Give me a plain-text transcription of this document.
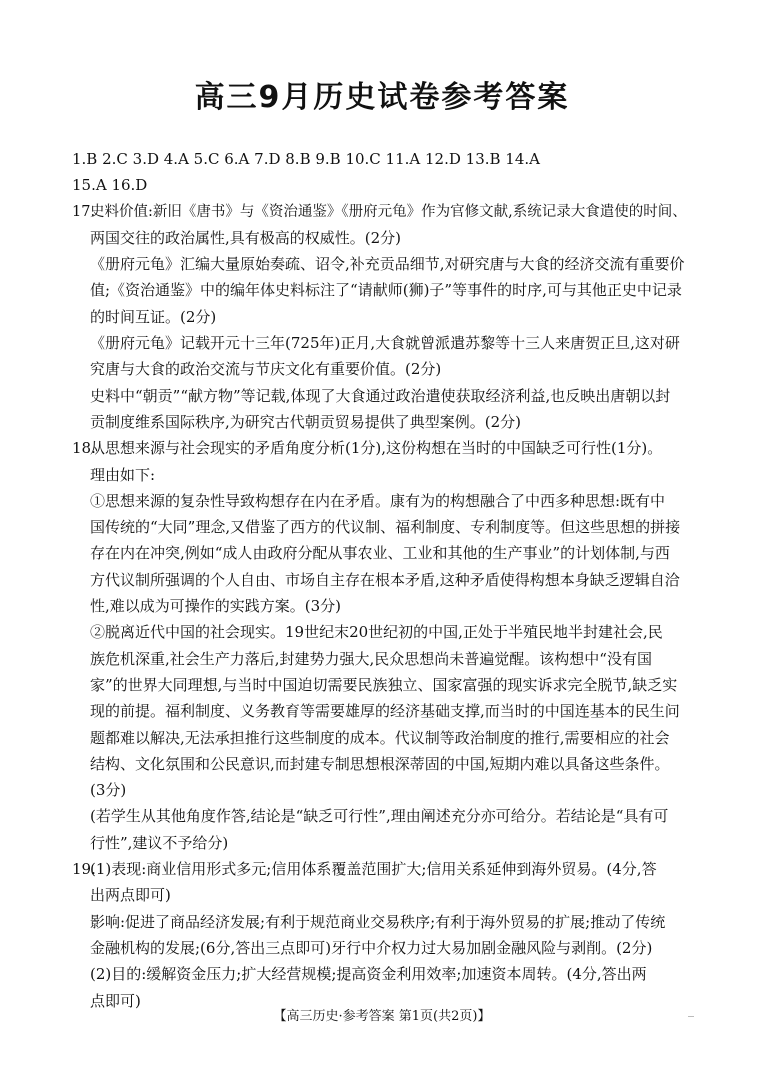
高三9月历史试卷参考答案
1.B 2.C 3.D 4.A 5.C 6.A 7.D 8.B 9.B 10.C 11.A 12.D 13.B 14.A
15.A 16.D
17.史料价值:新旧《唐书》与《资治通鉴》《册府元龟》作为官修文献,系统记录大食遣使的时间、
两国交往的政治属性,具有极高的权威性。(2分)
《册府元龟》汇编大量原始奏疏、诏令,补充贡品细节,对研究唐与大食的经济交流有重要价
值;《资治通鉴》中的编年体史料标注了“请献师(狮)子”等事件的时序,可与其他正史中记录
的时间互证。(2分)
《册府元龟》记载开元十三年(725年)正月,大食就曾派遣苏黎等十三人来唐贺正旦,这对研
究唐与大食的政治交流与节庆文化有重要价值。(2分)
史料中“朝贡”“献方物”等记载,体现了大食通过政治遣使获取经济利益,也反映出唐朝以封
贡制度维系国际秩序,为研究古代朝贡贸易提供了典型案例。(2分)
18.从思想来源与社会现实的矛盾角度分析(1分),这份构想在当时的中国缺乏可行性(1分)。
理由如下:
①思想来源的复杂性导致构想存在内在矛盾。康有为的构想融合了中西多种思想:既有中
国传统的“大同”理念,又借鉴了西方的代议制、福利制度、专利制度等。但这些思想的拼接
存在内在冲突,例如“成人由政府分配从事农业、工业和其他的生产事业”的计划体制,与西
方代议制所强调的个人自由、市场自主存在根本矛盾,这种矛盾使得构想本身缺乏逻辑自洽
性,难以成为可操作的实践方案。(3分)
②脱离近代中国的社会现实。19世纪末20世纪初的中国,正处于半殖民地半封建社会,民
族危机深重,社会生产力落后,封建势力强大,民众思想尚未普遍觉醒。该构想中“没有国
家”的世界大同理想,与当时中国迫切需要民族独立、国家富强的现实诉求完全脱节,缺乏实
现的前提。福利制度、义务教育等需要雄厚的经济基础支撑,而当时的中国连基本的民生问
题都难以解决,无法承担推行这些制度的成本。代议制等政治制度的推行,需要相应的社会
结构、文化氛围和公民意识,而封建专制思想根深蒂固的中国,短期内难以具备这些条件。
(3分)
(若学生从其他角度作答,结论是“缺乏可行性”,理由阐述充分亦可给分。若结论是“具有可
行性”,建议不予给分)
19.(1)表现:商业信用形式多元;信用体系覆盖范围扩大;信用关系延伸到海外贸易。(4分,答
出两点即可)
影响:促进了商品经济发展;有利于规范商业交易秩序;有利于海外贸易的扩展;推动了传统
金融机构的发展;(6分,答出三点即可)牙行中介权力过大易加剧金融风险与剥削。(2分)
(2)目的:缓解资金压力;扩大经营规模;提高资金利用效率;加速资本周转。(4分,答出两
点即可)
【高三历史·参考答案 第1页(共2页)】
